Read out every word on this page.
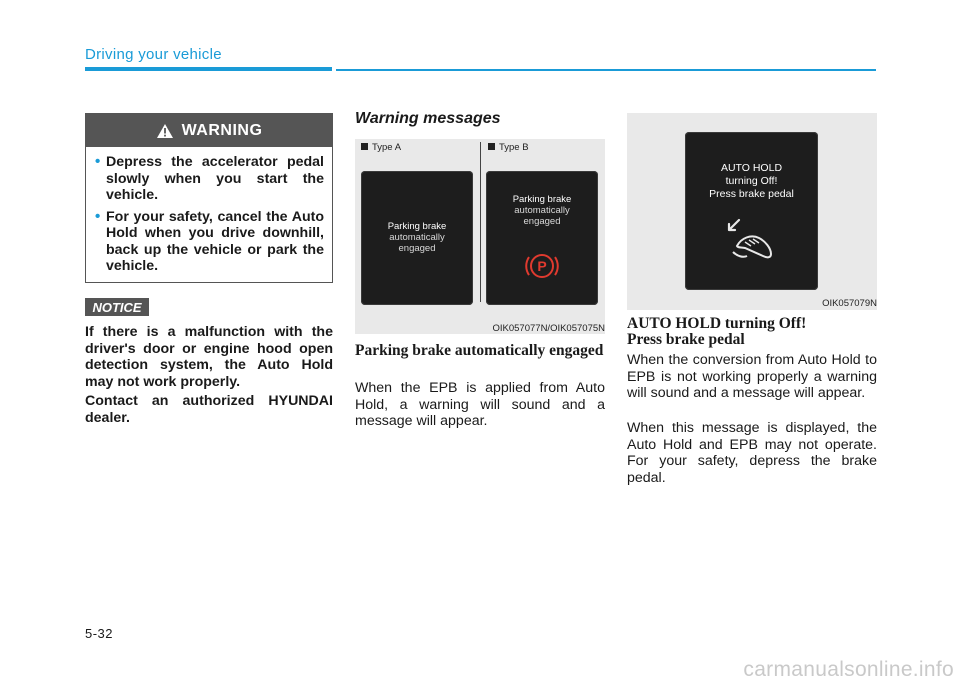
Driving your vehicle
WARNING
• Depress the accelerator pedal slowly when you start the vehicle.
• For your safety, cancel the Auto Hold when you drive downhill, back up the vehicle or park the vehicle.
NOTICE

If there is a malfunction with the driver's door or engine hood open detection system, the Auto Hold may not work properly.

Contact an authorized HYUNDAI dealer.

Warning messages
Type A	Type B
Parking brake
automatically
engaged
Parking brake
automatically
engaged
P
OIK057077N/OIK057075N

Parking brake automatically engaged

When the EPB is applied from Auto Hold, a warning will sound and a message will appear.

AUTO HOLD
turning Off!
Press brake pedal
OIK057079N

AUTO HOLD turning Off!
Press brake pedal

When the conversion from Auto Hold to EPB is not working properly a warning will sound and a message will appear.

When this message is displayed, the Auto Hold and EPB may not operate. For your safety, depress the brake pedal.

5-32
carmanualsonline.info
